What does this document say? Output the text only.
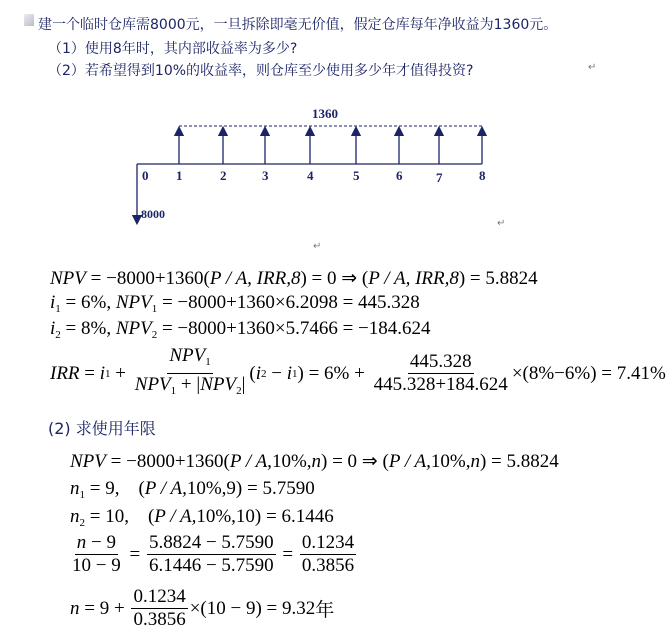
建一个临时仓库需8000元，一旦拆除即毫无价值，假定仓库每年净收益为1360元。
（1）使用8年时，其内部收益率为多少?
（2）若希望得到10%的收益率，则仓库至少使用多少年才值得投资?	↵
0 1	2	3	4	5	6	7	8
1360
8000
↵
↵
NPV = −8000+1360(P / A, IRR,8) = 0 ⇒ (P / A, IRR,8) = 5.8824
$i_1 = 6\%$, $NPV_1 = -8000+1360\times 6.2098 = 445.328$
$i_2 = 8\%$, $NPV_2 = -8000+1360\times 5.7466 = -184.624$
IRR = i $1 + \frac{NPV_1}{NPV_1 + |NPV_2|}$ ( i 2 − i 1 ) = $6\% + \frac{445.328}{445.328+184.624} \times(8\%-6\%) = 7.41\%$
(2) 求使用年限
NPV = −8000+1360(P / A,10%,n) = 0 ⇒ (P / A,10%,n) = 5.8824
$n_1 = 9$,    (P / A,10%,9) = 5.7590
$n_2 = 10$,    (P / A,10%,10) = 6.1446
$\frac{n - 9}{10 - 9} = \frac{5.8824 - 5.7590}{6.1446 - 5.7590} = \frac{0.1234}{0.3856}$
$n = 9 + \frac{0.1234}{0.3856} \times(10 - 9) = 9.32$ 年
